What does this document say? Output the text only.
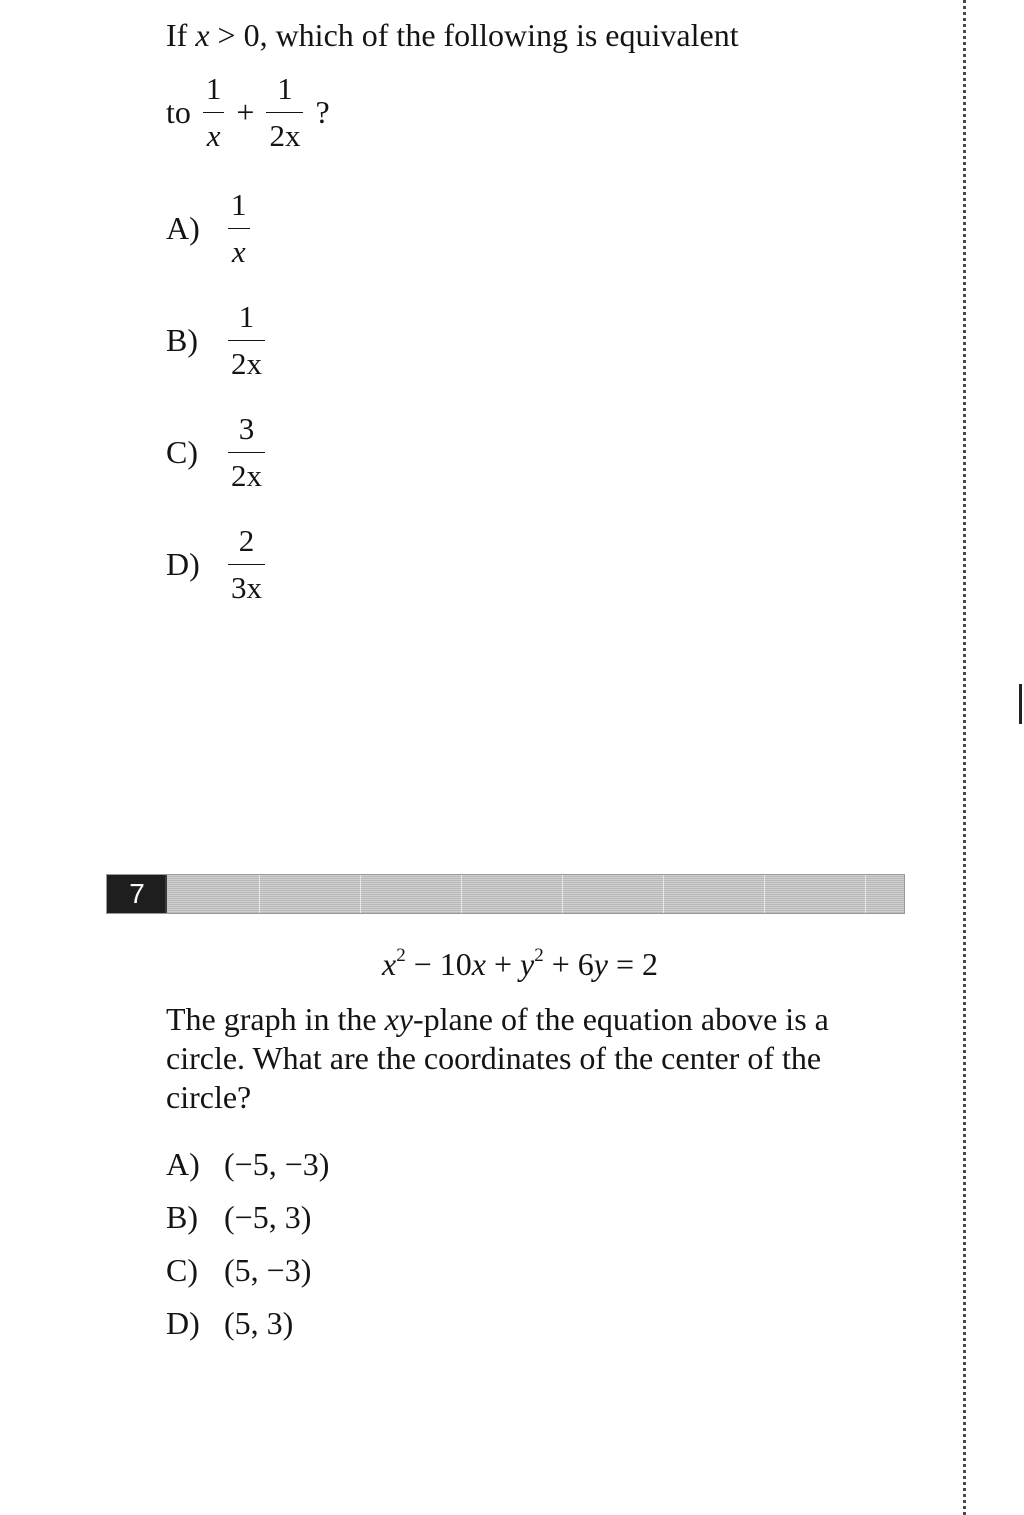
If x > 0, which of the following is equivalent
to $\frac{1}{x} + \frac{1}{2x}$ ?
$A) \frac{1}{x}$
$B) \frac{1}{2x}$
$C) \frac{3}{2x}$
$D) \frac{2}{3x}$
7
$x^2 - 10x + y^2 + 6y = 2$
The graph in the xy-plane of the equation above is a circle. What are the coordinates of the center of the circle?
A) (−5, −3)
B) (−5, 3)
C) (5, −3)
D) (5, 3)
